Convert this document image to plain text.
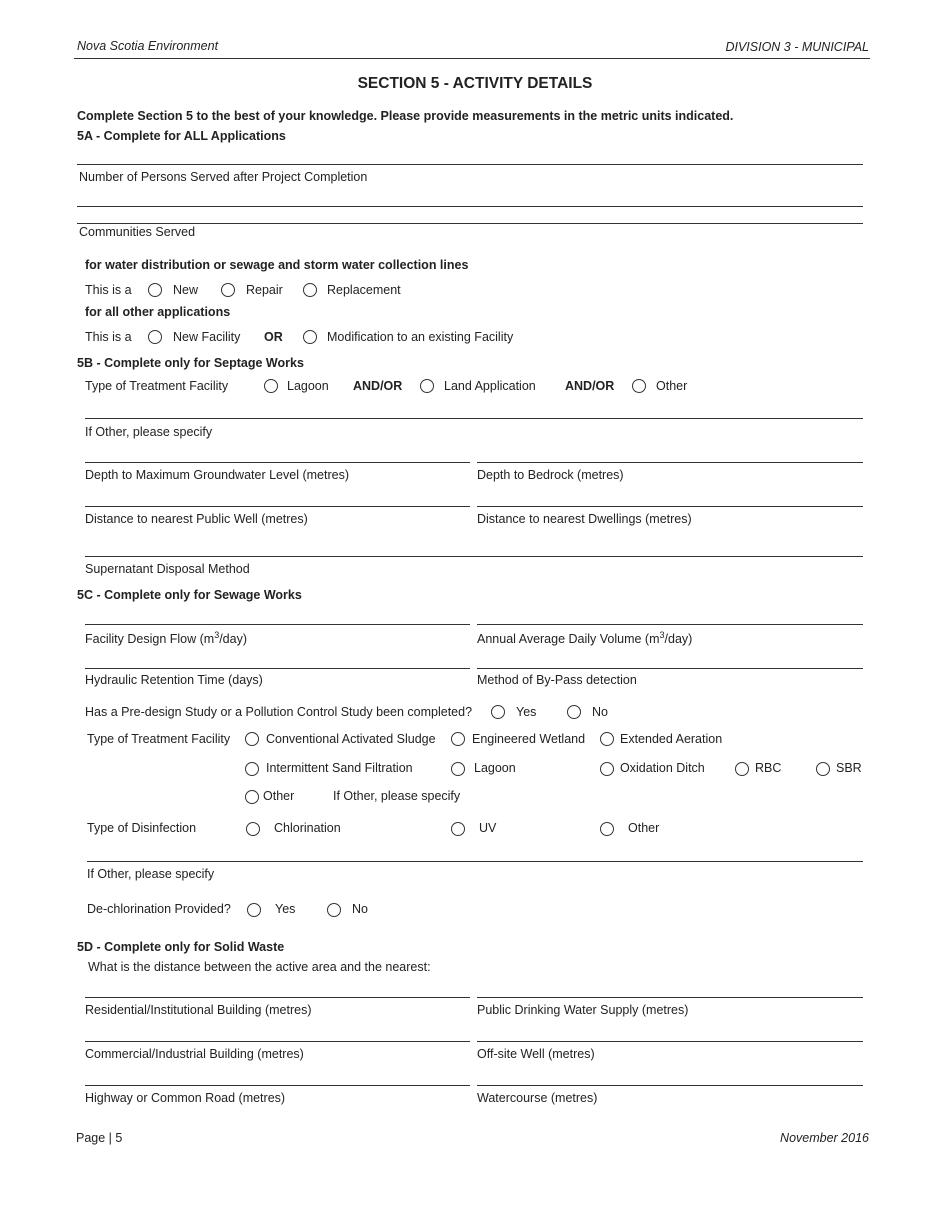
Nova Scotia Environment	DIVISION 3 - MUNICIPAL
SECTION 5 - ACTIVITY DETAILS
Complete Section 5 to the best of your knowledge. Please provide measurements in the metric units indicated.
5A - Complete for ALL Applications
Number of Persons Served after Project Completion
Communities Served
for water distribution or sewage and storm water collection lines
This is a	New	Repair	Replacement
for all other applications
This is a	New Facility OR	Modification to an existing Facility
5B - Complete only for Septage Works
Type of Treatment Facility	Lagoon AND/OR	Land Application AND/OR	Other
If Other, please specify
Depth to Maximum Groundwater Level (metres)	Depth to Bedrock (metres)
Distance to nearest Public Well (metres)	Distance to nearest Dwellings (metres)
Supernatant Disposal Method
5C - Complete only for Sewage Works
Facility Design Flow $(m^3/day)$	Annual Average Daily Volume $(m^3/day)$
Hydraulic Retention Time (days)	Method of By-Pass detection
Has a Pre-design Study or a Pollution Control Study been completed?	Yes	No
Type of Treatment Facility	Conventional Activated Sludge	Engineered Wetland	Extended Aeration
Intermittent Sand Filtration	Lagoon	Oxidation Ditch	RBC	SBR
Other	If Other, please specify
Type of Disinfection	Chlorination	UV	Other
If Other, please specify
De-chlorination Provided?	Yes	No
5D - Complete only for Solid Waste
What is the distance between the active area and the nearest:
Residential/Institutional Building (metres)	Public Drinking Water Supply (metres)
Commercial/Industrial Building (metres)	Off-site Well (metres)
Highway or Common Road (metres)	Watercourse (metres)
Page | 5	November 2016
